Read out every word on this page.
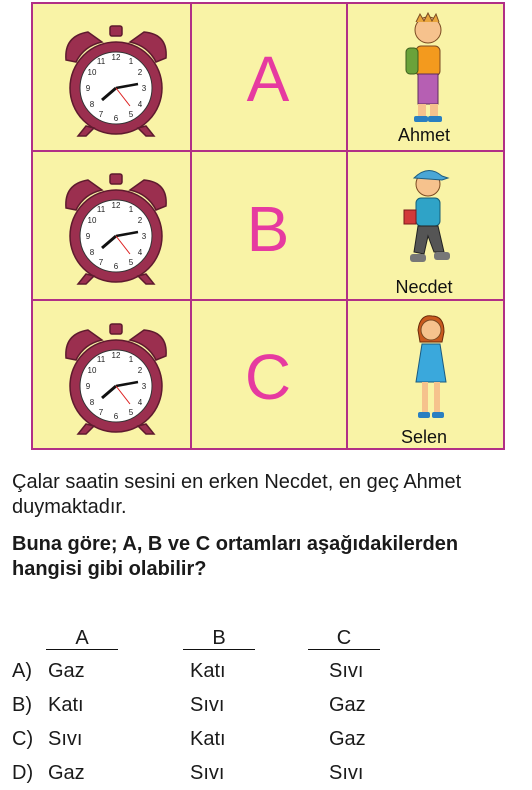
12
3
6
9
1
2
4
5
7
8
10
11	A
Ahmet
12
3
6
9
1
2
4
5
7
8
10
11	B
Necdet
12
3
6
9
1
2
4
5
7
8
10
11	C
Selen
Çalar saatin sesini en erken Necdet, en geç Ahmet
duymaktadır.
Buna göre; A, B ve C ortamları aşağıdakilerden
hangisi gibi olabilir?
A	B	C
A) Gaz	Katı	Sıvı
B) Katı	Sıvı	Gaz
C) Sıvı	Katı	Gaz
D) Gaz	Sıvı	Sıvı
